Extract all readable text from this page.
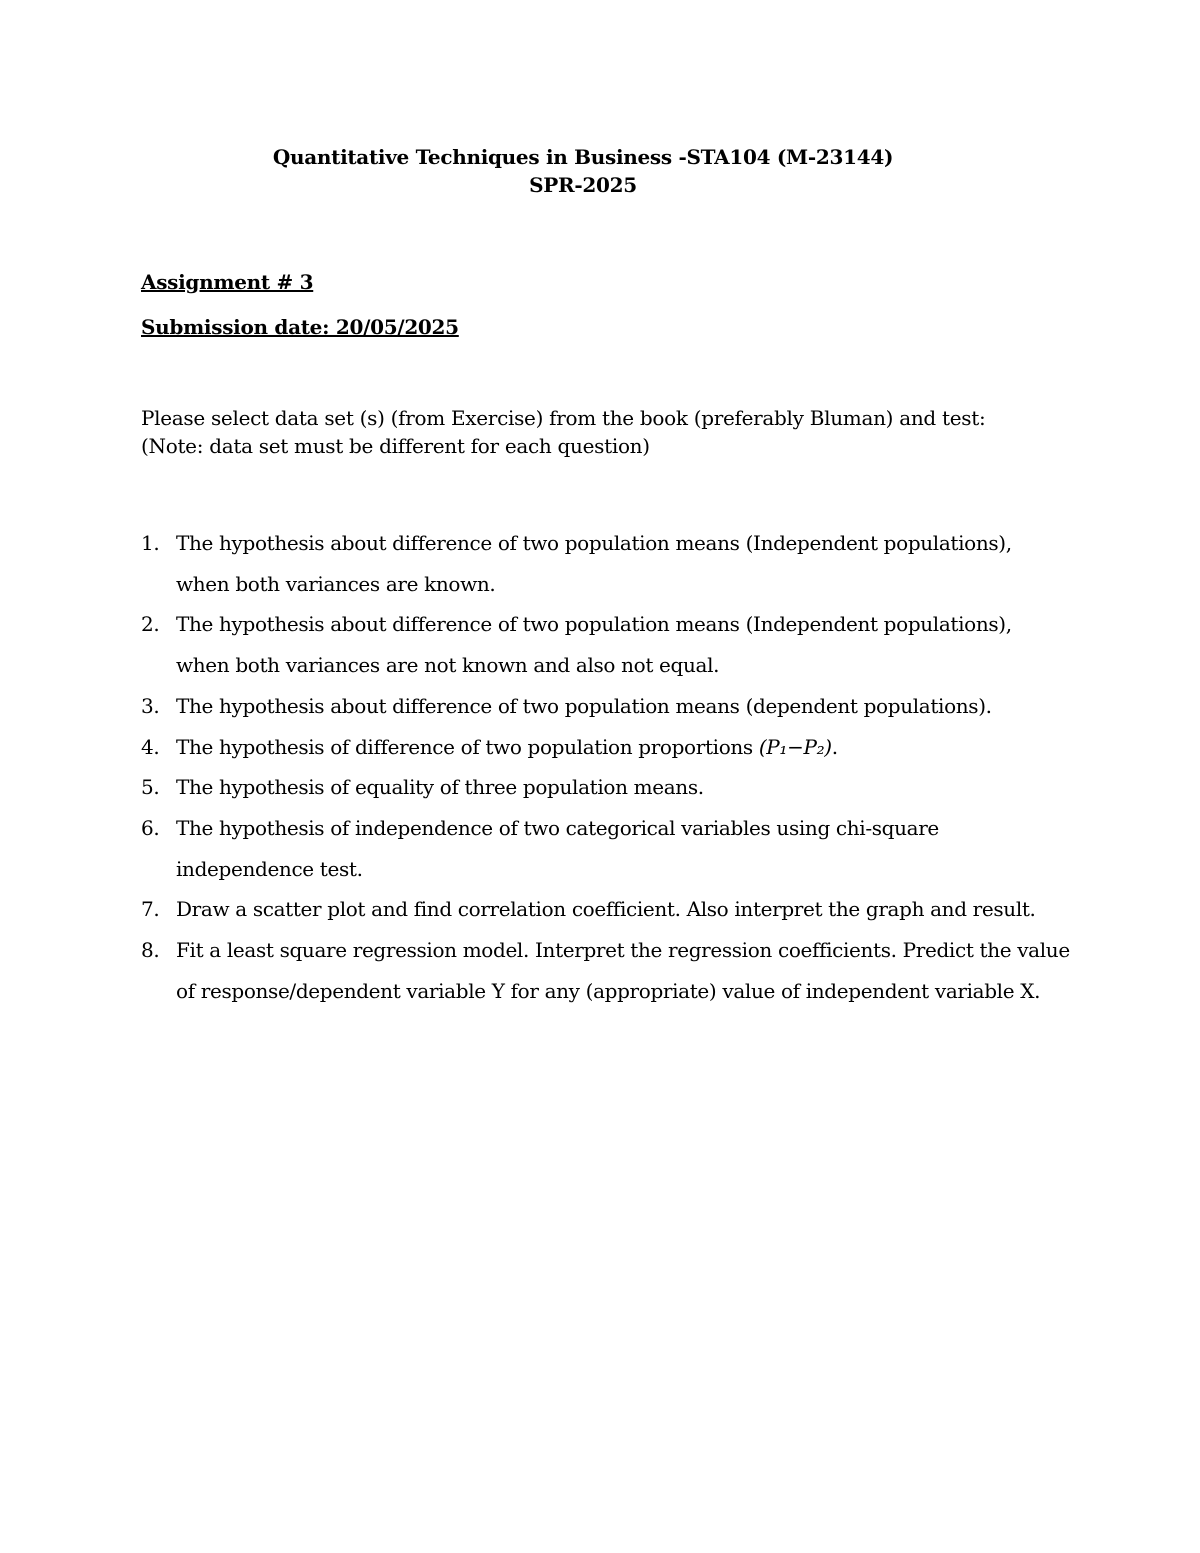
Quantitative Techniques in Business -STA104 (M-23144)
SPR-2025
Assignment # 3
Submission date: 20/05/2025
Please select data set (s) (from Exercise) from the book (preferably Bluman) and test:
(Note: data set must be different for each question)
1. The hypothesis about difference of two population means (Independent populations), when both variances are known.
2. The hypothesis about difference of two population means (Independent populations), when both variances are not known and also not equal.
3. The hypothesis about difference of two population means (dependent populations).
4. The hypothesis of difference of two population proportions (P₁−P₂).
5. The hypothesis of equality of three population means.
6. The hypothesis of independence of two categorical variables using chi-square independence test.
7. Draw a scatter plot and find correlation coefficient. Also interpret the graph and result.
8. Fit a least square regression model. Interpret the regression coefficients. Predict the value of response/dependent variable Y for any (appropriate) value of independent variable X.
